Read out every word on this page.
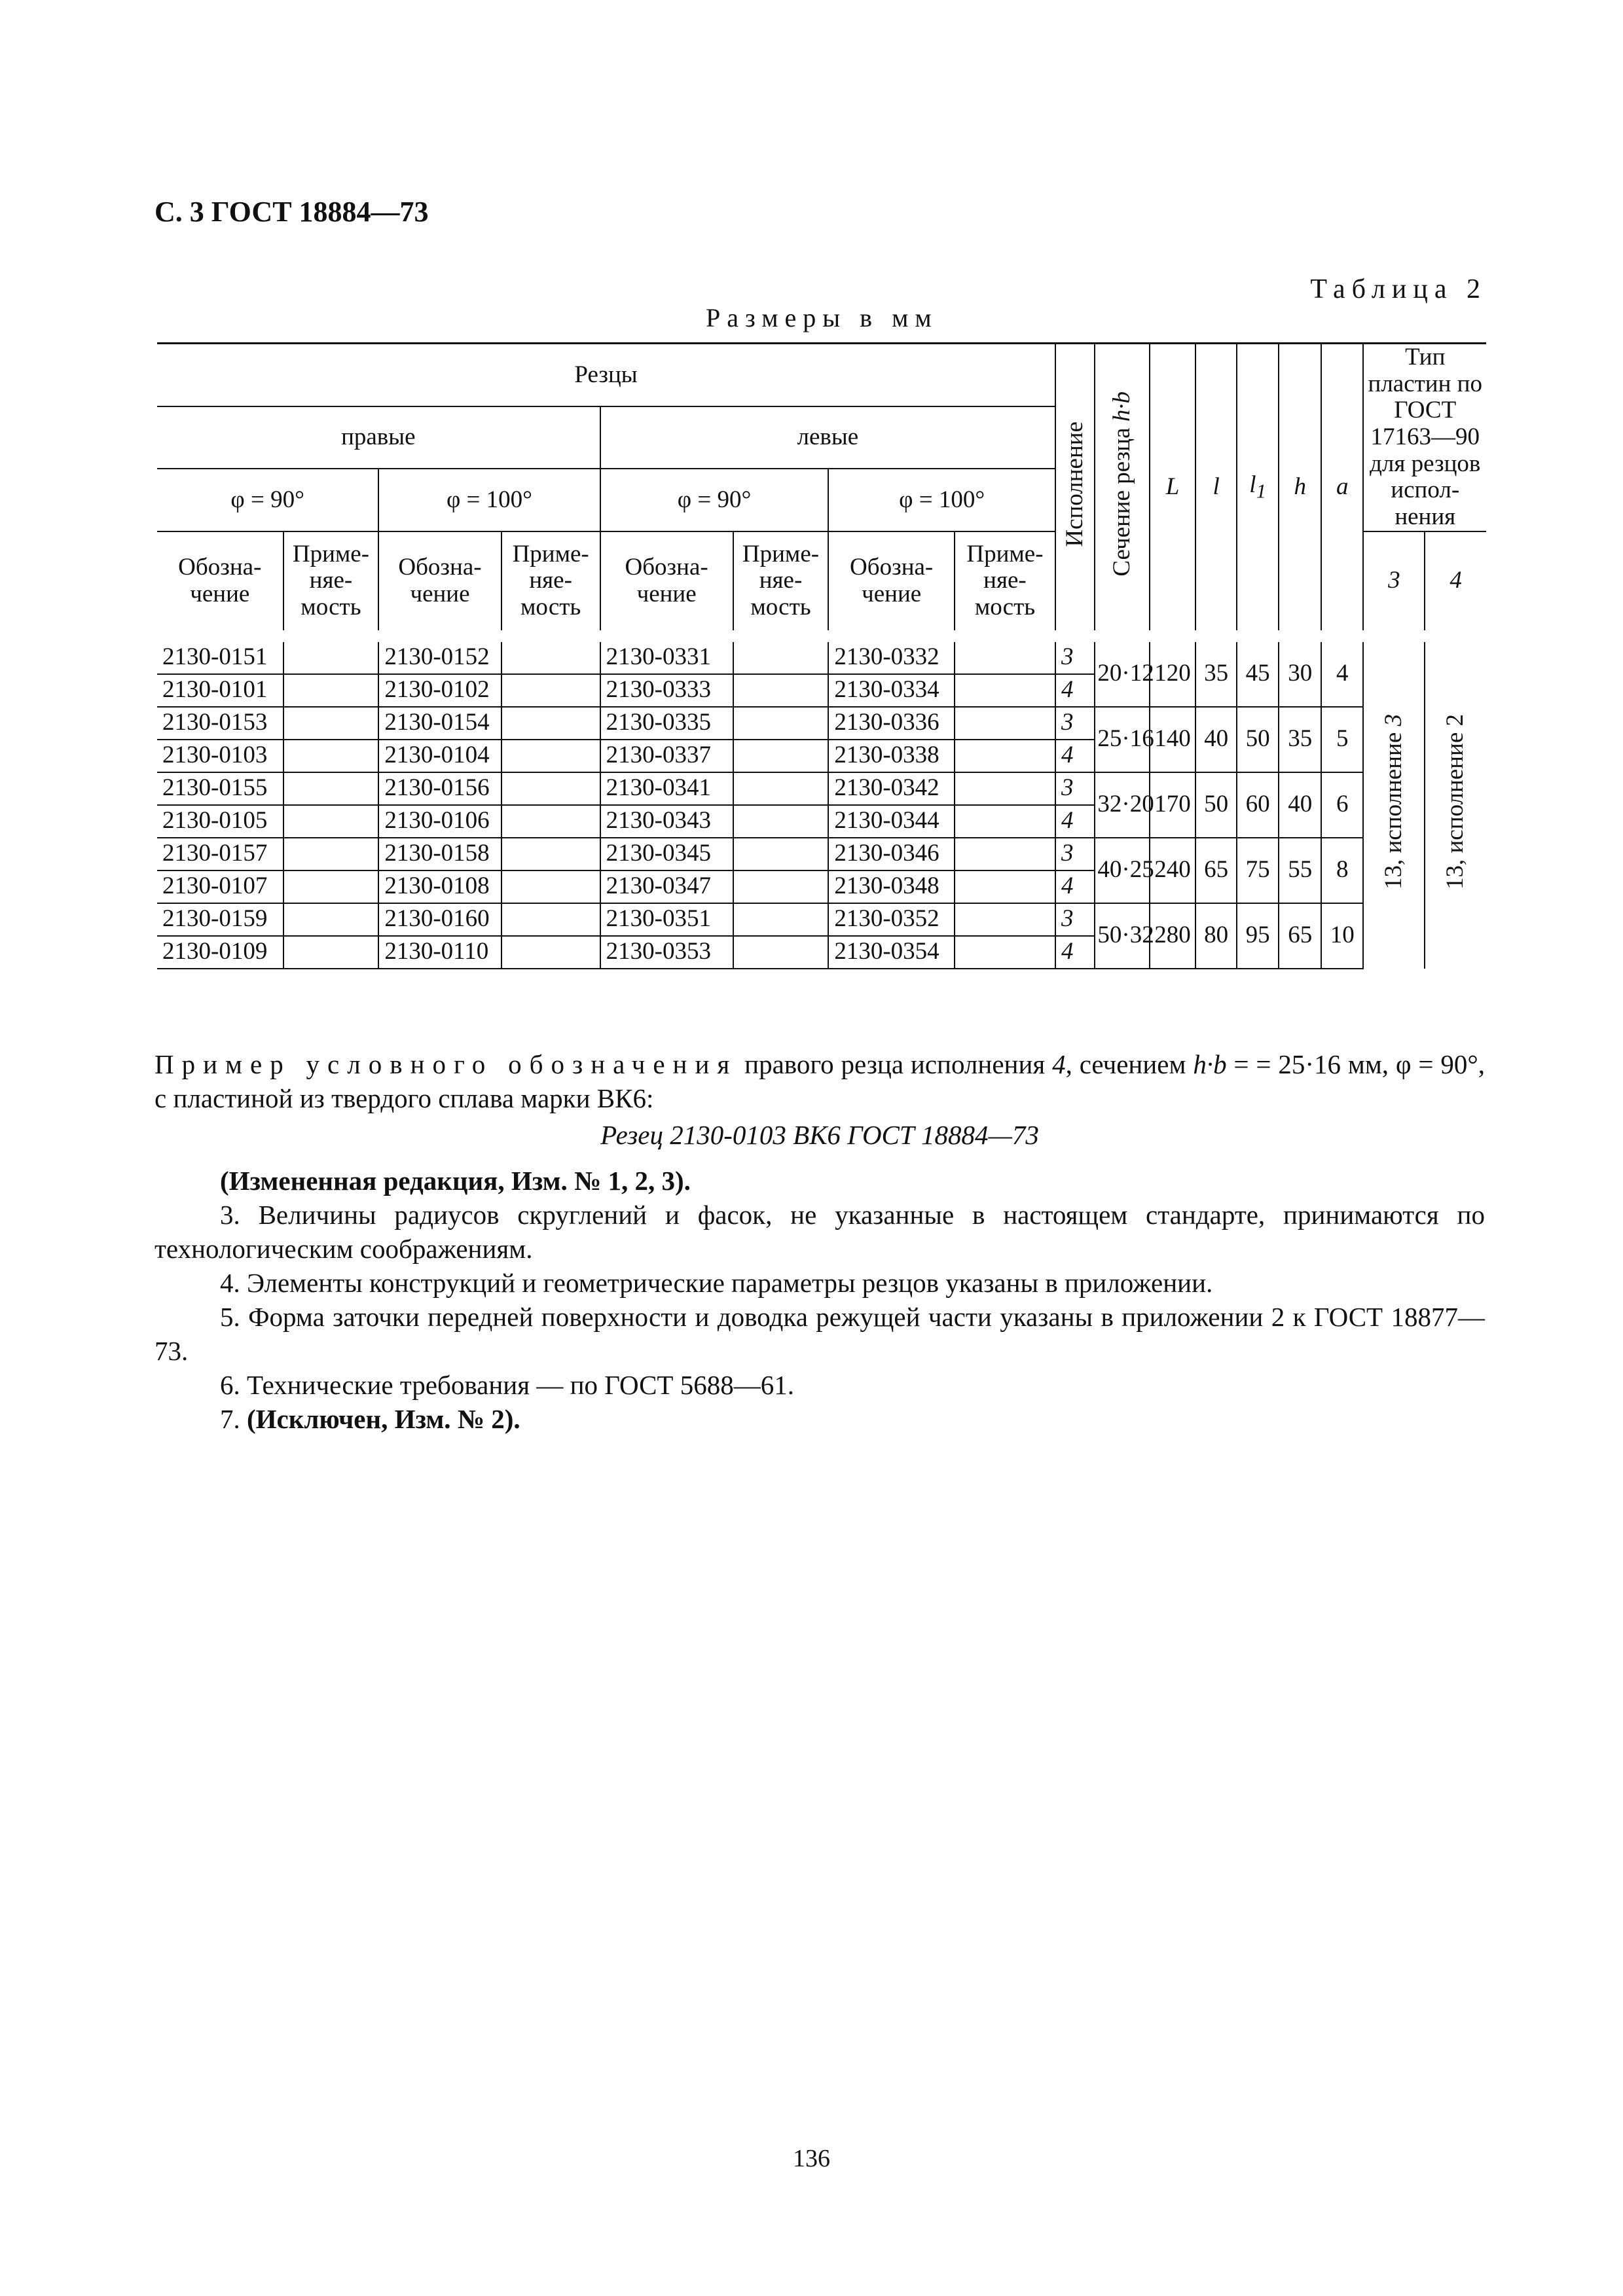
С. 3 ГОСТ 18884—73
Таблица 2
Размеры в мм
Резцы								Исполнение	Сечение резца h·b	L	l	$l_1$	h	a	Тип пластин по ГОСТ 17163—90 для резцов испол-нения	
правые				левые												
φ = 90°		φ = 100°		φ = 90°		φ = 100°										
Обозна-чение	Приме-няе-мость	Обозна-чение	Приме-няе-мость	Обозна-чение	Приме-няе-мость	Обозна-чение	Приме-няе-мость								3	4
2130-0151		2130-0152		2130-0331		2130-0332		3	20·12	120	35	45	30	4	13, исполнение 3	13, исполнение 2
2130-0101		2130-0102		2130-0333		2130-0334		4								
2130-0153		2130-0154		2130-0335		2130-0336		3	25·16	140	40	50	35	5		
2130-0103		2130-0104		2130-0337		2130-0338		4								
2130-0155		2130-0156		2130-0341		2130-0342		3	32·20	170	50	60	40	6		
2130-0105		2130-0106		2130-0343		2130-0344		4								
2130-0157		2130-0158		2130-0345		2130-0346		3	40·25	240	65	75	55	8		
2130-0107		2130-0108		2130-0347		2130-0348		4								
2130-0159		2130-0160		2130-0351		2130-0352		3	50·32	280	80	95	65	10		
2130-0109		2130-0110		2130-0353		2130-0354		4								
Пример условного обозначения правого резца исполнения 4, сечением h·b = = 25·16 мм, φ = 90°, с пластиной из твердого сплава марки ВК6:
Резец 2130-0103 ВК6 ГОСТ 18884—73

(Измененная редакция, Изм. № 1, 2, 3).

3. Величины радиусов скруглений и фасок, не указанные в настоящем стандарте, принимаются по технологическим соображениям.

4. Элементы конструкций и геометрические параметры резцов указаны в приложении.

5. Форма заточки передней поверхности и доводка режущей части указаны в приложении 2 к ГОСТ 18877—73.

6. Технические требования — по ГОСТ 5688—61.

7. (Исключен, Изм. № 2).

136
